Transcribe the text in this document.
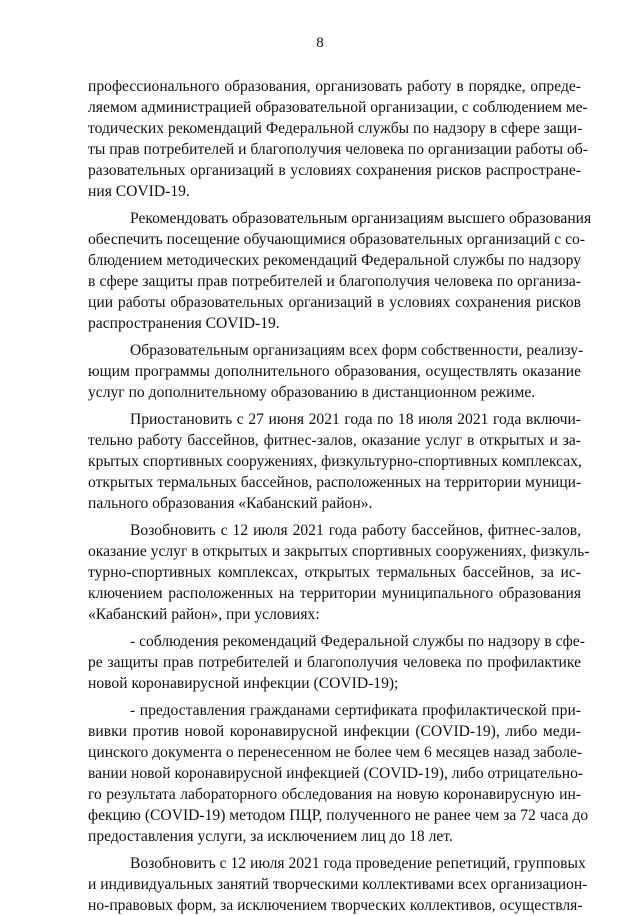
8
профессионального образования, организовать работу в порядке, опреде-
ляемом администрацией образовательной организации, с соблюдением ме-
тодических рекомендаций Федеральной службы по надзору в сфере защи-
ты прав потребителей и благополучия человека по организации работы об-
разовательных организаций в условиях сохранения рисков распростране-
ния COVID-19.
Рекомендовать образовательным организациям высшего образования
обеспечить посещение обучающимися образовательных организаций с со-
блюдением методических рекомендаций Федеральной службы по надзору
в сфере защиты прав потребителей и благополучия человека по организа-
ции работы образовательных организаций в условиях сохранения рисков
распространения COVID-19.
Образовательным организациям всех форм собственности, реализу-
ющим программы дополнительного образования, осуществлять оказание
услуг по дополнительному образованию в дистанционном режиме.
Приостановить с 27 июня 2021 года по 18 июля 2021 года включи-
тельно работу бассейнов, фитнес-залов, оказание услуг в открытых и за-
крытых спортивных сооружениях, физкультурно-спортивных комплексах,
открытых термальных бассейнов, расположенных на территории муници-
пального образования «Кабанский район».
Возобновить с 12 июля 2021 года работу бассейнов, фитнес-залов,
оказание услуг в открытых и закрытых спортивных сооружениях, физкуль-
турно-спортивных комплексах, открытых термальных бассейнов, за ис-
ключением расположенных на территории муниципального образования
«Кабанский район», при условиях:
- соблюдения рекомендаций Федеральной службы по надзору в сфе-
ре защиты прав потребителей и благополучия человека по профилактике
новой коронавирусной инфекции (COVID-19);
- предоставления гражданами сертификата профилактической при-
вивки против новой коронавирусной инфекции (COVID-19), либо меди-
цинского документа о перенесенном не более чем 6 месяцев назад заболе-
вании новой коронавирусной инфекцией (COVID-19), либо отрицательно-
го результата лабораторного обследования на новую коронавирусную ин-
фекцию (COVID-19) методом ПЦР, полученного не ранее чем за 72 часа до
предоставления услуги, за исключением лиц до 18 лет.
Возобновить с 12 июля 2021 года проведение репетиций, групповых
и индивидуальных занятий творческими коллективами всех организацион-
но-правовых форм, за исключением творческих коллективов, осуществля-
